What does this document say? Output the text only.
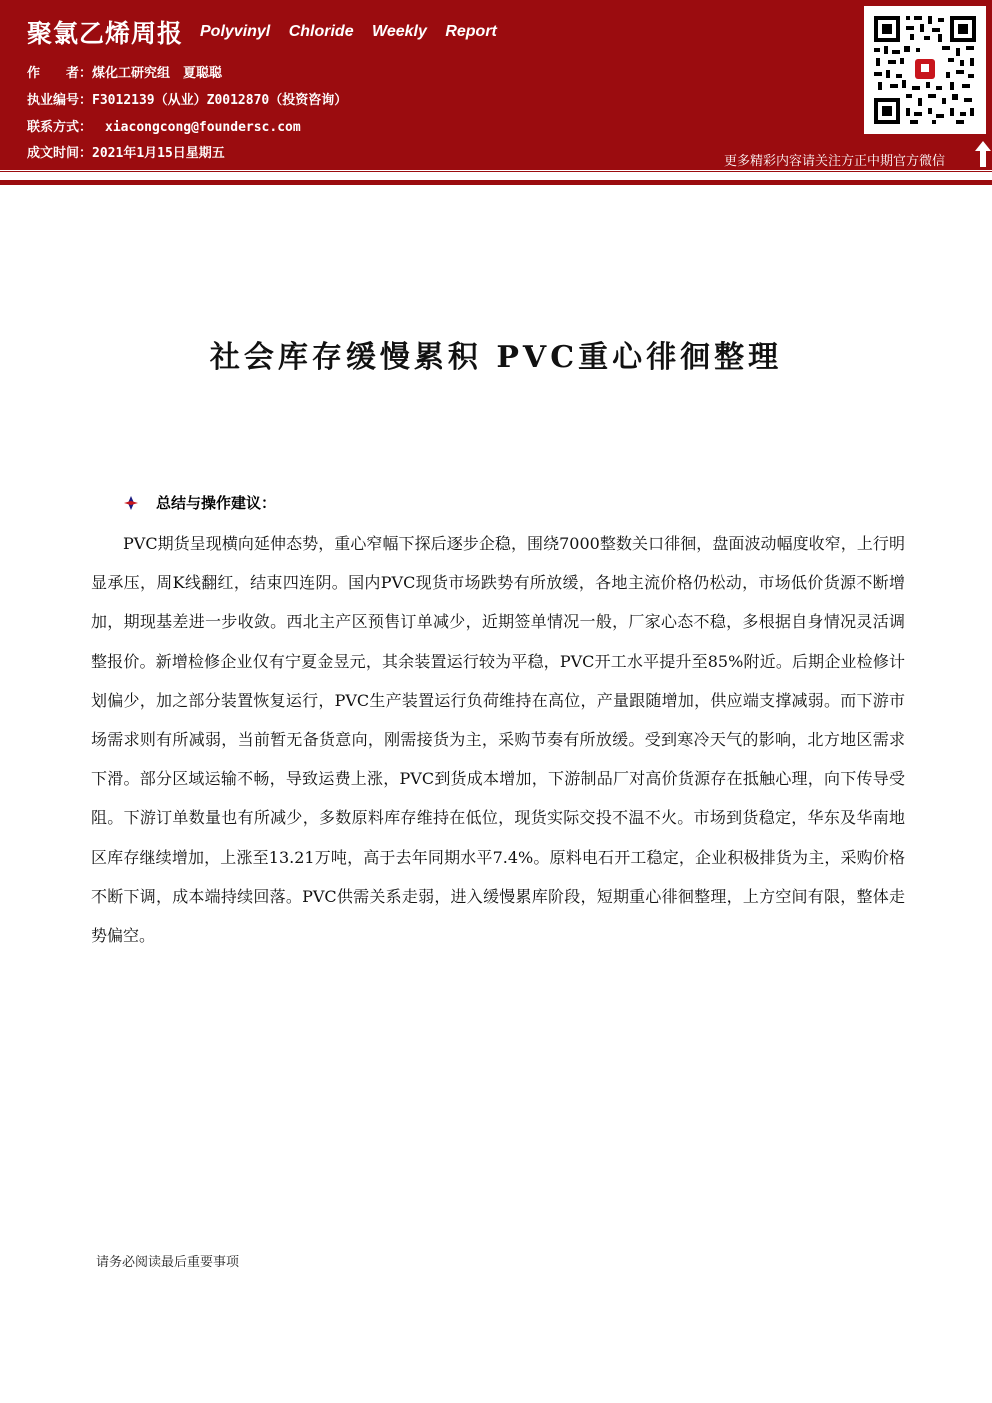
聚氯乙烯周报 Polyvinyl Chloride Weekly Report
作　　者：煤化工研究组　夏聪聪
执业编号：F3012139（从业）Z0012870（投资咨询）
联系方式：　xiacongcong@foundersc.com
成文时间：2021年1月15日星期五
更多精彩内容请关注方正中期官方微信
社会库存缓慢累积 PVC重心徘徊整理
总结与操作建议：
PVC期货呈现横向延伸态势，重心窄幅下探后逐步企稳，围绕7000整数关口徘徊，盘面波动幅度收窄，上行明显承压，周K线翻红，结束四连阴。国内PVC现货市场跌势有所放缓，各地主流价格仍松动，市场低价货源不断增加，期现基差进一步收敛。西北主产区预售订单减少，近期签单情况一般，厂家心态不稳，多根据自身情况灵活调整报价。新增检修企业仅有宁夏金昱元，其余装置运行较为平稳，PVC开工水平提升至85%附近。后期企业检修计划偏少，加之部分装置恢复运行，PVC生产装置运行负荷维持在高位，产量跟随增加，供应端支撑减弱。而下游市场需求则有所减弱，当前暂无备货意向，刚需接货为主，采购节奏有所放缓。受到寒冷天气的影响，北方地区需求下滑。部分区域运输不畅，导致运费上涨，PVC到货成本增加，下游制品厂对高价货源存在抵触心理，向下传导受阻。下游订单数量也有所减少，多数原料库存维持在低位，现货实际交投不温不火。市场到货稳定，华东及华南地区库存继续增加，上涨至13.21万吨，高于去年同期水平7.4%。原料电石开工稳定，企业积极排货为主，采购价格不断下调，成本端持续回落。PVC供需关系走弱，进入缓慢累库阶段，短期重心徘徊整理，上方空间有限，整体走势偏空。
请务必阅读最后重要事项
